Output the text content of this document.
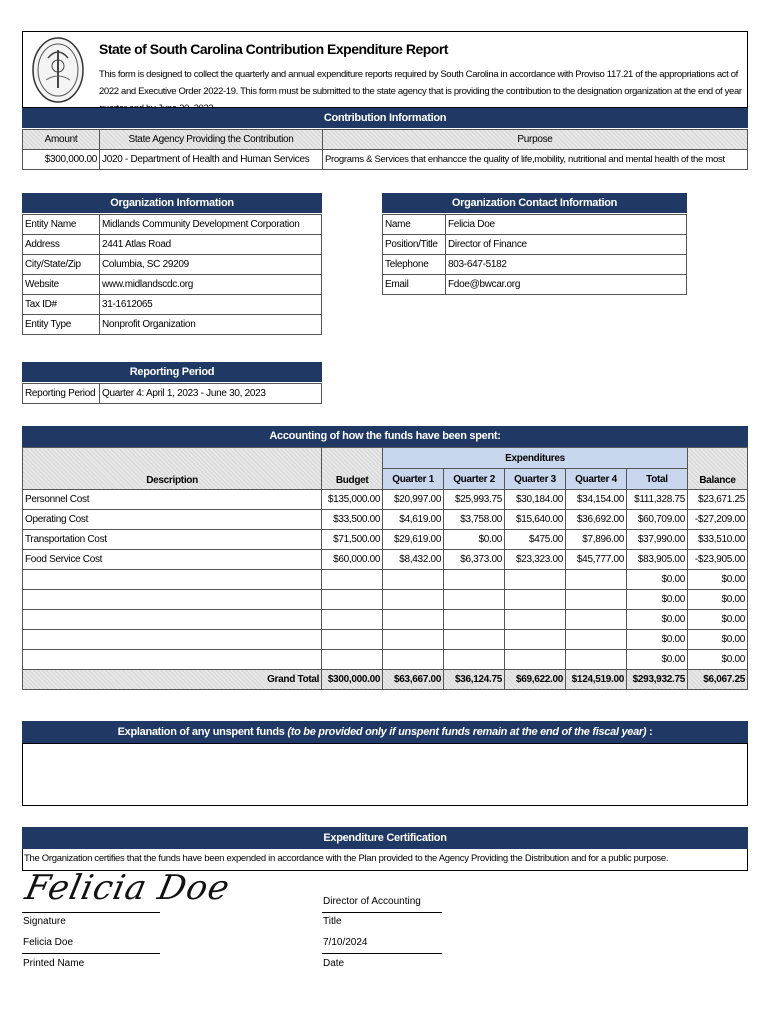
State of South Carolina Contribution Expenditure Report
This form is designed to collect the quarterly and annual expenditure reports required by South Carolina in accordance with Proviso 117.21 of the appropriations act of 2022 and Executive Order 2022-19. This form must be submitted to the state agency that is providing the contribution to the designation organization at the end of year
Contribution Information
Amount	State Agency Providing the Contribution	Purpose
$300,000.00	J020 - Department of Health and Human Services	Programs & Services that enhancce the quality of life,mobility, nutritional and mental health of the most
Organization Information
Entity Name	Midlands Community Development Corporation
Address	2441 Atlas Road
City/State/Zip	Columbia, SC 29209
Website	www.midlandscdc.org
Tax ID#	31-1612065
Entity Type	Nonprofit Organization
Organization Contact Information
Name	Felicia Doe
Position/Title	Director of Finance
Telephone	803-647-5182
Email	Fdoe@bwcar.org
Reporting Period
Reporting Period	Quarter 4: April 1, 2023 - June 30, 2023
Accounting of how the funds have been spent:
Description	Budget	Expenditures					Balance
		Quarter 1	Quarter 2	Quarter 3	Quarter 4	Total	
Personnel Cost	$135,000.00	$20,997.00	$25,993.75	$30,184.00	$34,154.00	$111,328.75	$23,671.25
Operating Cost	$33,500.00	$4,619.00	$3,758.00	$15,640.00	$36,692.00	$60,709.00	-$27,209.00
Transportation Cost	$71,500.00	$29,619.00	$0.00	$475.00	$7,896.00	$37,990.00	$33,510.00
Food Service Cost	$60,000.00	$8,432.00	$6,373.00	$23,323.00	$45,777.00	$83,905.00	-$23,905.00
						$0.00	$0.00
						$0.00	$0.00
						$0.00	$0.00
						$0.00	$0.00
						$0.00	$0.00
Grand Total	$300,000.00	$63,667.00	$36,124.75	$69,622.00	$124,519.00	$293,932.75	$6,067.25
Explanation of any unspent funds (to be provided only if unspent funds remain at the end of the fiscal year) :
Expenditure Certification
The Organization certifies that the funds have been expended in accordance with the Plan provided to the Agency Providing the Distribution and for a public purpose.
Felicia Doe
Signature
Felicia Doe
Printed Name
Director of Accounting
Title
7/10/2024
Date
